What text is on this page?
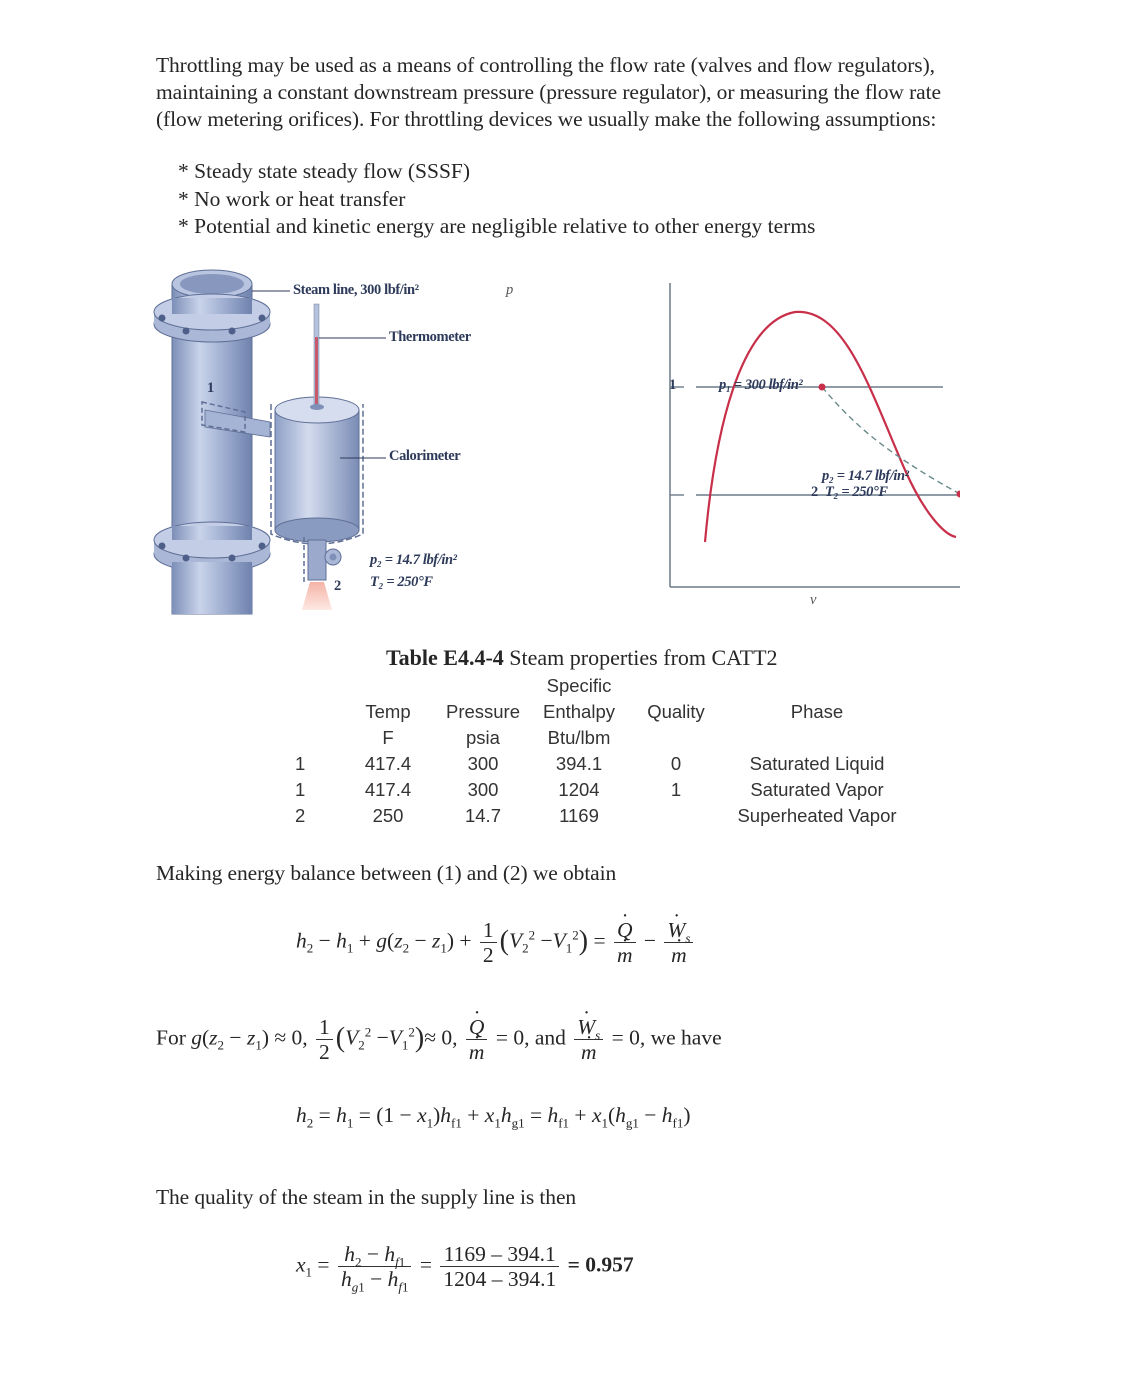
Throttling may be used as a means of controlling the flow rate (valves and flow regulators),
maintaining a constant downstream pressure (pressure regulator), or measuring the flow rate
(flow metering orifices). For throttling devices we usually make the following assumptions:
* Steady state steady flow (SSSF)
* No work or heat transfer
* Potential and kinetic energy are negligible relative to other energy terms
Steam line, 300 lbf/in²
Thermometer
Calorimeter
1
2
p₂ = 14.7 lbf/in²
T₂ = 250°F
p
v
1	p₁ = 300 lbf/in²
p₂ = 14.7 lbf/in²
2 T₂ = 250°F
Table E4.4-4 Steam properties from CATT2
			Specific		
	Temp	Pressure	Enthalpy	Quality	Phase
	F	psia	Btu/lbm		
1	417.4	300	394.1	0	Saturated Liquid
1	417.4	300	1204	1	Saturated Vapor
2	250	14.7	1169		Superheated Vapor
Making energy balance between (1) and (2) we obtain
$h_2 - h_1 + g(z_2 - z_1) + \frac{1}{2} (V_2^2 -V_1^2)$ = · Q
· m − · $W_s$
· m
For $g(z_2 - z_1) \approx 0$, $\frac{1}{2} (V_2^2 -V_1^2)\approx 0$, · Q
· m = 0, and · $W_s$
· m = 0, we have
$h_2 = h_1 = (1 - x_1)h_{f1} + x_1h_{g1} = h_{f1} + x_1(h_{g1} - h_{f1})$
The quality of the steam in the supply line is then
$x_1 = \frac{h_2 - h_{f1}}{h_{g1} - h_{f1}} = \frac{1169 - 394.1}{1204 - 394.1} = 0.957$
